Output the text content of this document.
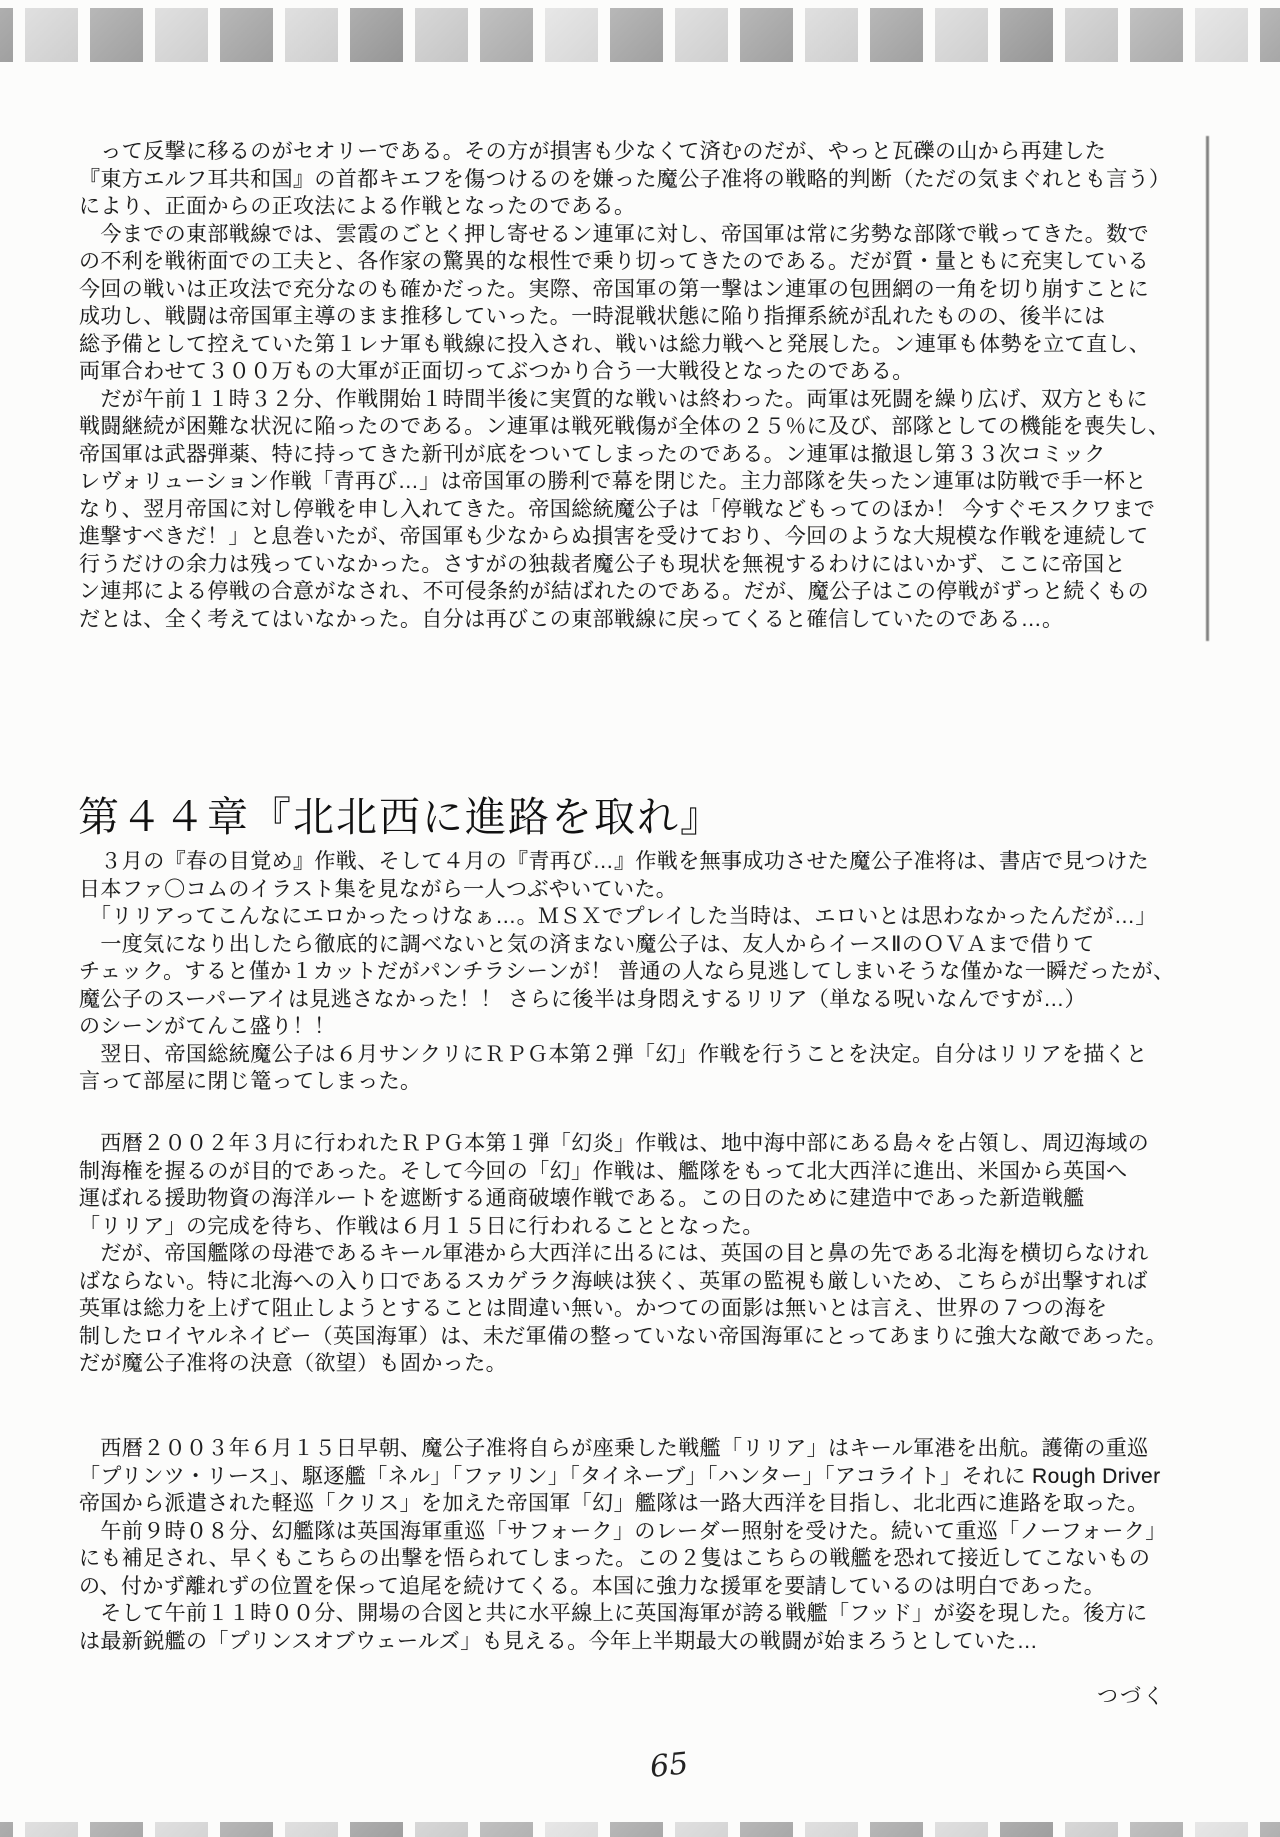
　って反撃に移るのがセオリーである。その方が損害も少なくて済むのだが、やっと瓦礫の山から再建した
『東方エルフ耳共和国』の首都キエフを傷つけるのを嫌った魔公子准将の戦略的判断（ただの気まぐれとも言う）
により、正面からの正攻法による作戦となったのである。
　今までの東部戦線では、雲霞のごとく押し寄せるン連軍に対し、帝国軍は常に劣勢な部隊で戦ってきた。数で
の不利を戦術面での工夫と、各作家の驚異的な根性で乗り切ってきたのである。だが質・量ともに充実している
今回の戦いは正攻法で充分なのも確かだった。実際、帝国軍の第一撃はン連軍の包囲網の一角を切り崩すことに
成功し、戦闘は帝国軍主導のまま推移していった。一時混戦状態に陥り指揮系統が乱れたものの、後半には
総予備として控えていた第１レナ軍も戦線に投入され、戦いは総力戦へと発展した。ン連軍も体勢を立て直し、
両軍合わせて３００万もの大軍が正面切ってぶつかり合う一大戦役となったのである。
　だが午前１１時３２分、作戦開始１時間半後に実質的な戦いは終わった。両軍は死闘を繰り広げ、双方ともに
戦闘継続が困難な状況に陥ったのである。ン連軍は戦死戦傷が全体の２５％に及び、部隊としての機能を喪失し、
帝国軍は武器弾薬、特に持ってきた新刊が底をついてしまったのである。ン連軍は撤退し第３３次コミック
レヴォリューション作戦「青再び…」は帝国軍の勝利で幕を閉じた。主力部隊を失ったン連軍は防戦で手一杯と
なり、翌月帝国に対し停戦を申し入れてきた。帝国総統魔公子は「停戦などもってのほか！ 今すぐモスクワまで
進撃すべきだ！」と息巻いたが、帝国軍も少なからぬ損害を受けており、今回のような大規模な作戦を連続して
行うだけの余力は残っていなかった。さすがの独裁者魔公子も現状を無視するわけにはいかず、ここに帝国と
ン連邦による停戦の合意がなされ、不可侵条約が結ばれたのである。だが、魔公子はこの停戦がずっと続くもの
だとは、全く考えてはいなかった。自分は再びこの東部戦線に戻ってくると確信していたのである…。
第４４章『北北西に進路を取れ』
　３月の『春の目覚め』作戦、そして４月の『青再び…』作戦を無事成功させた魔公子准将は、書店で見つけた
日本ファ〇コムのイラスト集を見ながら一人つぶやいていた。
　「リリアってこんなにエロかったっけなぁ…。ＭＳＸでプレイした当時は、エロいとは思わなかったんだが…」
　一度気になり出したら徹底的に調べないと気の済まない魔公子は、友人からイースⅡのＯＶＡまで借りて
チェック。すると僅か１カットだがパンチラシーンが！ 普通の人なら見逃してしまいそうな僅かな一瞬だったが、
魔公子のスーパーアイは見逃さなかった！！ さらに後半は身悶えするリリア（単なる呪いなんですが…）
のシーンがてんこ盛り！！
　翌日、帝国総統魔公子は６月サンクリにＲＰＧ本第２弾「幻」作戦を行うことを決定。自分はリリアを描くと
言って部屋に閉じ篭ってしまった。
　西暦２００２年３月に行われたＲＰＧ本第１弾「幻炎」作戦は、地中海中部にある島々を占領し、周辺海域の
制海権を握るのが目的であった。そして今回の「幻」作戦は、艦隊をもって北大西洋に進出、米国から英国へ
運ばれる援助物資の海洋ルートを遮断する通商破壊作戦である。この日のために建造中であった新造戦艦
「リリア」の完成を待ち、作戦は６月１５日に行われることとなった。
　だが、帝国艦隊の母港であるキール軍港から大西洋に出るには、英国の目と鼻の先である北海を横切らなけれ
ばならない。特に北海への入り口であるスカゲラク海峡は狭く、英軍の監視も厳しいため、こちらが出撃すれば
英軍は総力を上げて阻止しようとすることは間違い無い。かつての面影は無いとは言え、世界の７つの海を
制したロイヤルネイビー（英国海軍）は、未だ軍備の整っていない帝国海軍にとってあまりに強大な敵であった。
だが魔公子准将の決意（欲望）も固かった。
　西暦２００３年６月１５日早朝、魔公子准将自らが座乗した戦艦「リリア」はキール軍港を出航。護衛の重巡
「プリンツ・リース」、駆逐艦「ネル」「ファリン」「タイネーブ」「ハンター」「アコライト」それに Rough Driver
帝国から派遣された軽巡「クリス」を加えた帝国軍「幻」艦隊は一路大西洋を目指し、北北西に進路を取った。
　午前９時０８分、幻艦隊は英国海軍重巡「サフォーク」のレーダー照射を受けた。続いて重巡「ノーフォーク」
にも補足され、早くもこちらの出撃を悟られてしまった。この２隻はこちらの戦艦を恐れて接近してこないもの
の、付かず離れずの位置を保って追尾を続けてくる。本国に強力な援軍を要請しているのは明白であった。
　そして午前１１時００分、開場の合図と共に水平線上に英国海軍が誇る戦艦「フッド」が姿を現した。後方に
は最新鋭艦の「プリンスオブウェールズ」も見える。今年上半期最大の戦闘が始まろうとしていた…
つづく
65
